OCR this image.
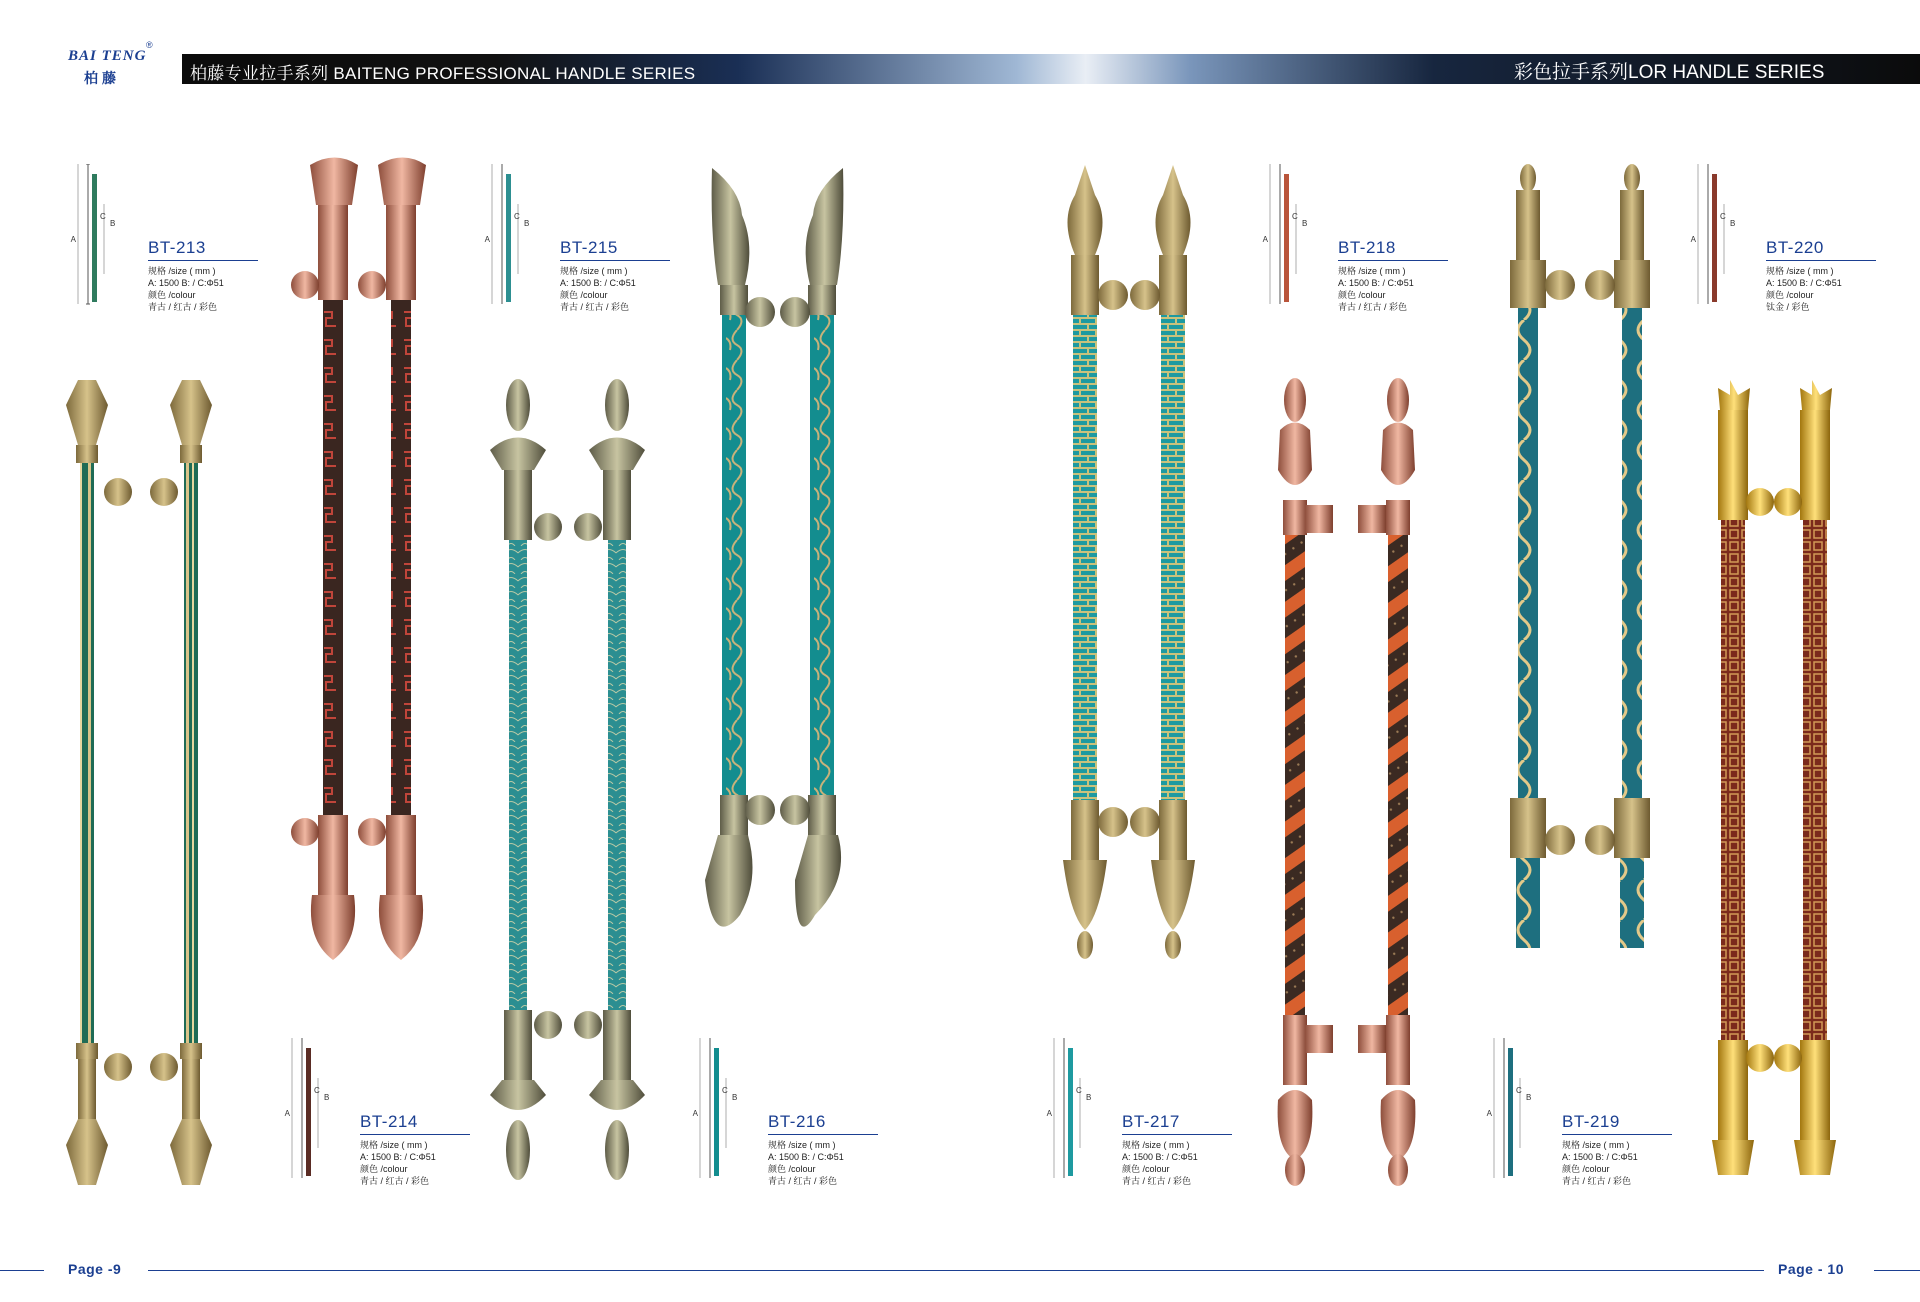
BAI TENG
®
柏藤	柏藤专业拉手系列 BAITENG PROFESSIONAL HANDLE SERIES	彩色拉手系列LOR HANDLE SERIES
A
B
C
BT-213
规格 /size ( mm )
A: 1500 B: / C:Φ51
颜色 /colour
青古 / 红古 / 彩色
A
B
C
BT-215
规格 /size ( mm )
A: 1500 B: / C:Φ51
颜色 /colour
青古 / 红古 / 彩色
A
B
C
BT-218
规格 /size ( mm )
A: 1500 B: / C:Φ51
颜色 /colour
青古 / 红古 / 彩色
A
B
C
BT-220
规格 /size ( mm )
A: 1500 B: / C:Φ51
颜色 /colour
钛金 / 彩色
A
B
C
BT-214
规格 /size ( mm )
A: 1500 B: / C:Φ51
颜色 /colour
青古 / 红古 / 彩色
A
B
C
BT-216
规格 /size ( mm )
A: 1500 B: / C:Φ51
颜色 /colour
青古 / 红古 / 彩色
A
B
C
BT-217
规格 /size ( mm )
A: 1500 B: / C:Φ51
颜色 /colour
青古 / 红古 / 彩色
A
B
C
BT-219
规格 /size ( mm )
A: 1500 B: / C:Φ51
颜色 /colour
青古 / 红古 / 彩色
Page -9	Page - 10
